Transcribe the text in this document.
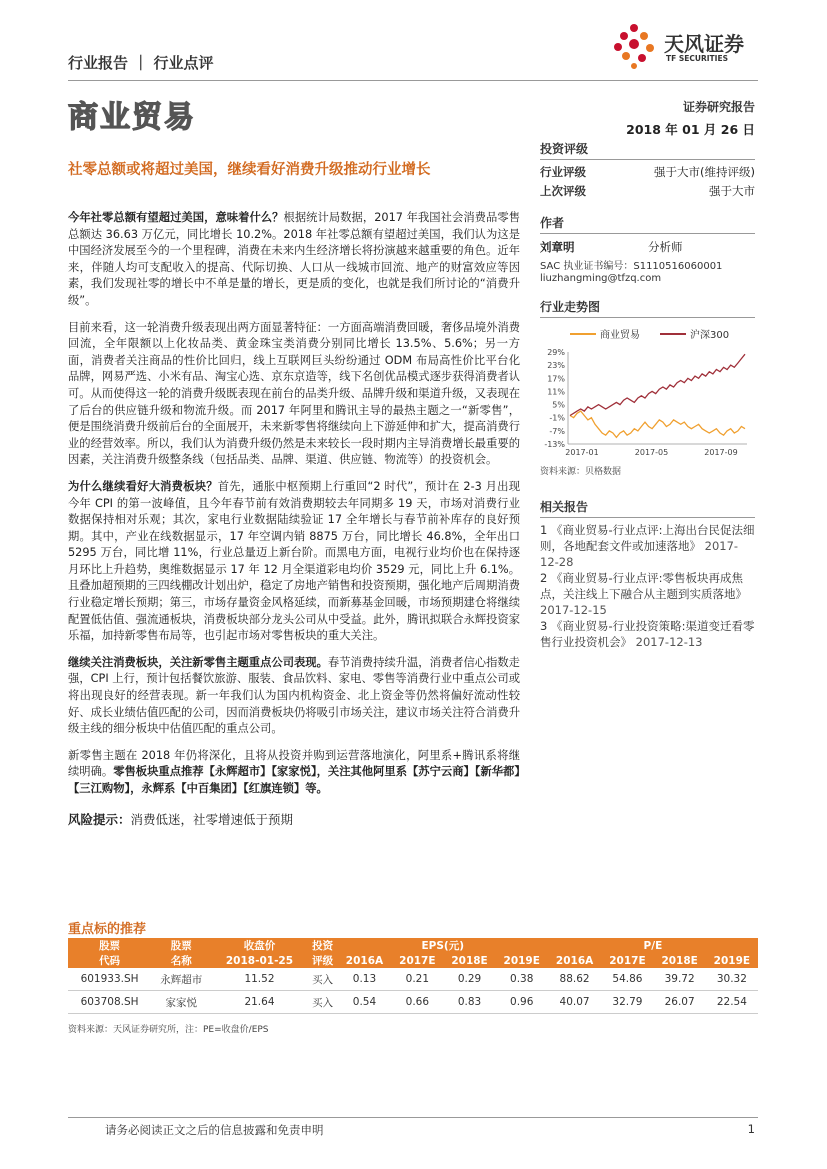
行业报告 ｜ 行业点评
天风证券
TF SECURITIES
商业贸易	证券研究报告
2018 年 01 月 26 日
社零总额或将超过美国，继续看好消费升级推动行业增长
投资评级
行业评级	强于大市(维持评级)
上次评级	强于大市
作者
刘章明	分析师
SAC 执业证书编号：S1110516060001
liuzhangming@tfzq.com
行业走势图
商业贸易	沪深300
29%
23%
17%
11%
5%
-1%
-7%
-13%
2017-01	2017-05	2017-09
资料来源：贝格数据
相关报告
1 《商业贸易-行业点评:上海出台民促法细则，各地配套文件或加速落地》 2017-12-28
2 《商业贸易-行业点评:零售板块再成焦点，关注线上下融合从主题到实质落地》 2017-12-15
3 《商业贸易-行业投资策略:渠道变迁看零售行业投资机会》 2017-12-13

今年社零总额有望超过美国，意味着什么？根据统计局数据，2017 年我国社会消费品零售总额达 36.63 万亿元，同比增长 10.2%。2018 年社零总额有望超过美国，我们认为这是中国经济发展至今的一个里程碑，消费在未来内生经济增长将扮演越来越重要的角色。近年来，伴随人均可支配收入的提高、代际切换、人口从一线城市回流、地产的财富效应等因素，我们发现社零的增长中不单是量的增长，更是质的变化，也就是我们所讨论的“消费升级”。

目前来看，这一轮消费升级表现出两方面显著特征：一方面高端消费回暖，奢侈品境外消费回流，全年限额以上化妆品类、黄金珠宝类消费分别同比增长 13.5%、5.6%；另一方面，消费者关注商品的性价比回归，线上互联网巨头纷纷通过 ODM 布局高性价比平台化品牌，网易严选、小米有品、淘宝心选、京东京造等，线下名创优品模式逐步获得消费者认可。从而使得这一轮的消费升级既表现在前台的品类升级、品牌升级和渠道升级，又表现在了后台的供应链升级和物流升级。而 2017 年阿里和腾讯主导的最热主题之一“新零售”，便是围绕消费升级前后台的全面展开，未来新零售将继续向上下游延伸和扩大，提高消费行业的经营效率。所以，我们认为消费升级仍然是未来较长一段时期内主导消费增长最重要的因素，关注消费升级整条线（包括品类、品牌、渠道、供应链、物流等）的投资机会。

为什么继续看好大消费板块？首先，通胀中枢预期上行重回“2 时代”，预计在 2-3 月出现今年 CPI 的第一波峰值，且今年春节前有效消费期较去年同期多 19 天，市场对消费行业数据保持相对乐观；其次，家电行业数据陆续验证 17 全年增长与春节前补库存的良好预期。其中，产业在线数据显示，17 年空调内销 8875 万台，同比增长 46.8%，全年出口 5295 万台，同比增 11%，行业总量迈上新台阶。而黑电方面，电视行业均价也在保持逐月环比上升趋势，奥维数据显示 17 年 12 月全渠道彩电均价 3529 元，同比上升 6.1%。且叠加超预期的三四线棚改计划出炉，稳定了房地产销售和投资预期，强化地产后周期消费行业稳定增长预期；第三，市场存量资金风格延续，而新募基金回暖，市场预期建仓将继续配置低估值、强流通板块，消费板块部分龙头公司从中受益。此外，腾讯拟联合永辉投资家乐福，加持新零售布局等，也引起市场对零售板块的重大关注。

继续关注消费板块，关注新零售主题重点公司表现。春节消费持续升温，消费者信心指数走强，CPI 上行，预计包括餐饮旅游、服装、食品饮料、家电、零售等消费行业中重点公司或将出现良好的经营表现。新一年我们认为国内机构资金、北上资金等仍然将偏好流动性较好、成长业绩估值匹配的公司，因而消费板块仍将吸引市场关注，建议市场关注符合消费升级主线的细分板块中估值匹配的重点公司。

新零售主题在 2018 年仍将深化，且将从投资并购到运营落地演化，阿里系+腾讯系将继续明确。零售板块重点推荐【永辉超市】【家家悦】，关注其他阿里系【苏宁云商】【新华都】【三江购物】，永辉系【中百集团】【红旗连锁】等。

风险提示：消费低迷，社零增速低于预期

重点标的推荐
股票	股票	收盘价	投资	EPS(元)				P/E			
代码	名称	2018-01-25	评级	2016A	2017E	2018E	2019E	2016A	2017E	2018E	2019E
601933.SH	永辉超市	11.52	买入	0.13	0.21	0.29	0.38	88.62	54.86	39.72	30.32
603708.SH	家家悦	21.64	买入	0.54	0.66	0.83	0.96	40.07	32.79	26.07	22.54
资料来源：天风证券研究所，注：PE=收盘价/EPS
请务必阅读正文之后的信息披露和免责申明	1
